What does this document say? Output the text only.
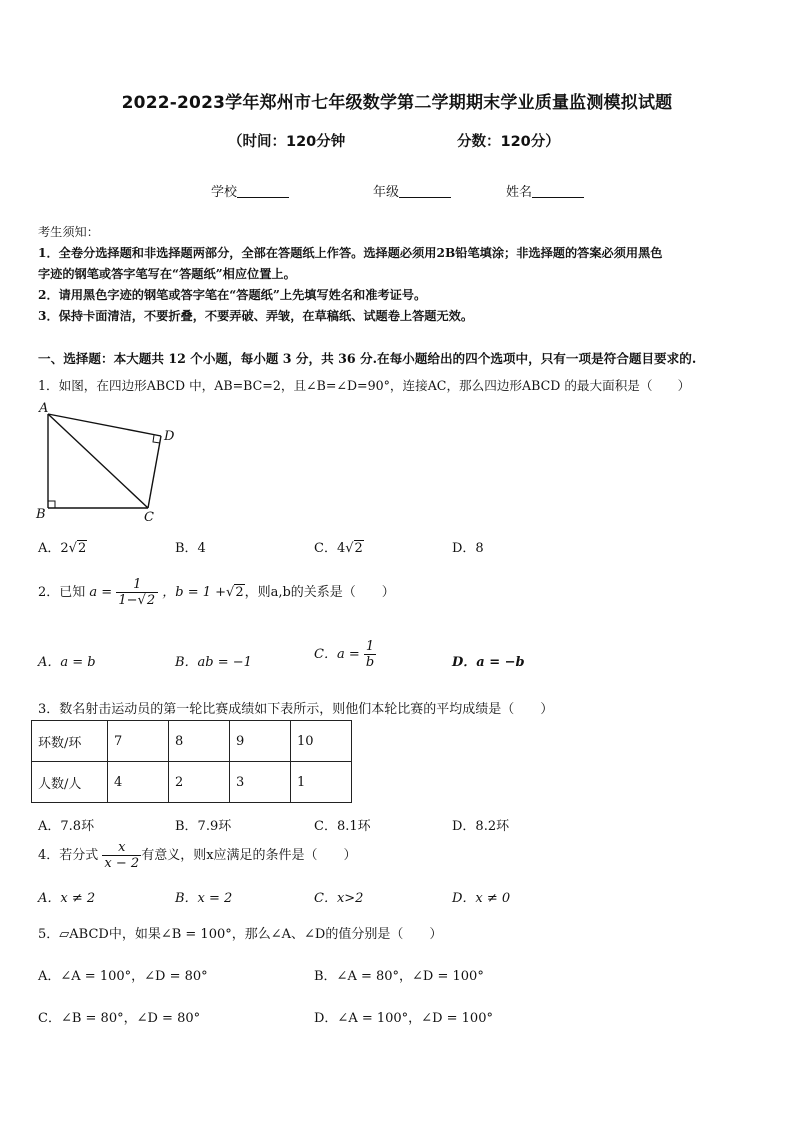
2022-2023学年郑州市七年级数学第二学期期末学业质量监测模拟试题
（时间：120分钟	分数：120分）
学校	年级	姓名
考生须知：
1．全卷分选择题和非选择题两部分，全部在答题纸上作答。选择题必须用2B铅笔填涂；非选择题的答案必须用黑色
字迹的钢笔或答字笔写在“答题纸”相应位置上。
2．请用黑色字迹的钢笔或答字笔在“答题纸”上先填写姓名和准考证号。
3．保持卡面清洁，不要折叠，不要弄破、弄皱，在草稿纸、试题卷上答题无效。
一、选择题：本大题共 12 个小题，每小题 3 分，共 36 分.在每小题给出的四个选项中，只有一项是符合题目要求的.
1．如图，在四边形ABCD 中，AB=BC=2，且∠B=∠D=90°，连接AC，那么四边形ABCD 的最大面积是（　　）
A
B	C
D
A．2√2	B．4	C．4√2	D．8
2．已知 $a = \frac{1}{1-√2}$ ，b = 1 +√2，则a,b的关系是（　　）
A．a = b	B．ab = −1
C．$a = \frac{1}{b}$	D．a = −b
3．数名射击运动员的第一轮比赛成绩如下表所示，则他们本轮比赛的平均成绩是（　　）
环数/环	7	8	9	10
人数/人	4	2	3	1
A．7.8环	B．7.9环	C．8.1环	D．8.2环
4．若分式 $\frac{x}{x - 2}$ 有意义，则x应满足的条件是（　　）
A．x ≠ 2	B．x = 2	C．x>2	D．x ≠ 0
5．▱ABCD中，如果∠B = 100°，那么∠A、∠D的值分别是（　　）
A．∠A = 100°，∠D = 80°	B．∠A = 80°，∠D = 100°
C．∠B = 80°，∠D = 80°	D．∠A = 100°，∠D = 100°
